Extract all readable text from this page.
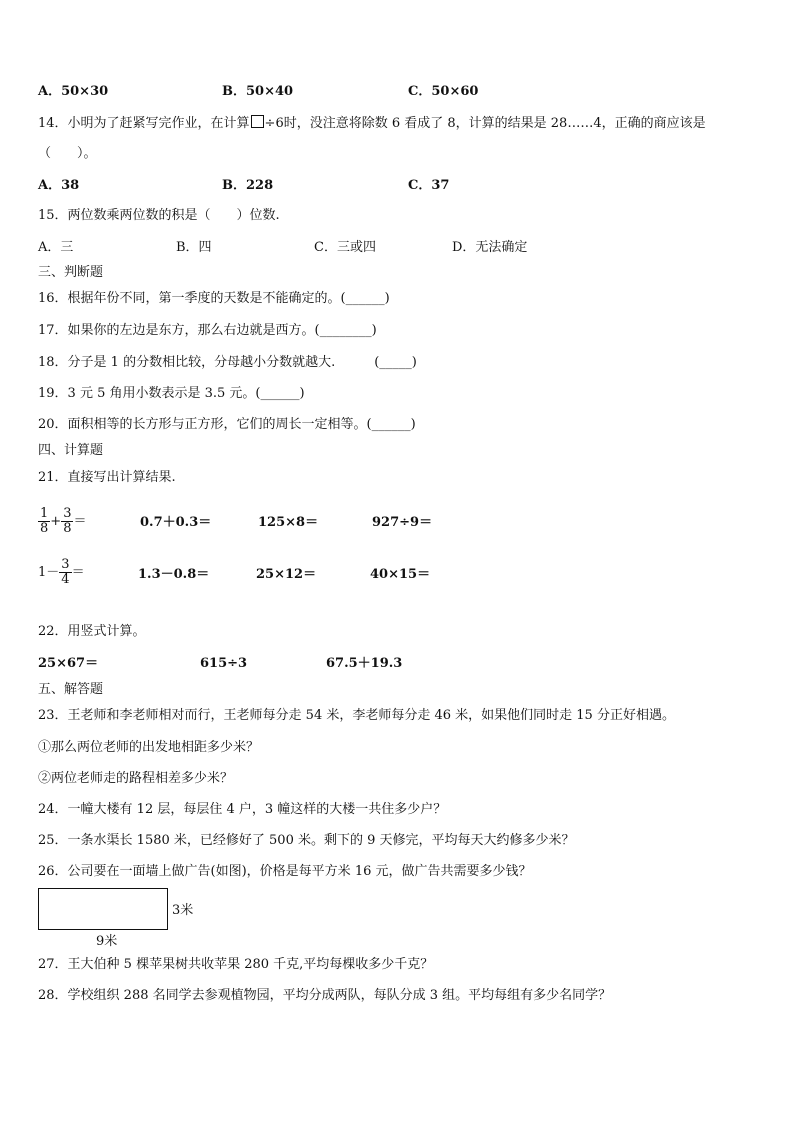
A．50×30	B．50×40	C．50×60
14．小明为了赶紧写完作业，在计算 ÷6时，没注意将除数 6 看成了 8，计算的结果是 28……4，正确的商应该是
（　　）。
A．38	B．228	C．37
15．两位数乘两位数的积是（　　）位数.
A．三	B．四	C．三或四	D．无法确定
三、判断题
16．根据年份不同，第一季度的天数是不能确定的。(______)
17．如果你的左边是东方，那么右边就是西方。(________)
18．分子是 1 的分数相比较，分母越小分数就越大.　　　(_____)
19．3 元 5 角用小数表示是 3.5 元。(______)
20．面积相等的长方形与正方形，它们的周长一定相等。(______)
四、计算题
21．直接写出计算结果.
$\frac{1}{8} + \frac{3}{8}$ ＝	0.7＋0.3＝	125×8＝	927÷9＝
$1- \frac{3}{4}$ ＝	1.3－0.8＝	25×12＝	40×15＝
22．用竖式计算。
25×67＝	615÷3	67.5＋19.3
五、解答题
23．王老师和李老师相对而行，王老师每分走 54 米，李老师每分走 46 米，如果他们同时走 15 分正好相遇。
①那么两位老师的出发地相距多少米？
②两位老师走的路程相差多少米？
24．一幢大楼有 12 层，每层住 4 户，3 幢这样的大楼一共住多少户？
25．一条水渠长 1580 米，已经修好了 500 米。剩下的 9 天修完，平均每天大约修多少米？
26．公司要在一面墙上做广告(如图)，价格是每平方米 16 元，做广告共需要多少钱？
3米
9米
27．王大伯种 5 棵苹果树共收苹果 280 千克,平均每棵收多少千克？
28．学校组织 288 名同学去参观植物园，平均分成两队，每队分成 3 组。平均每组有多少名同学？
